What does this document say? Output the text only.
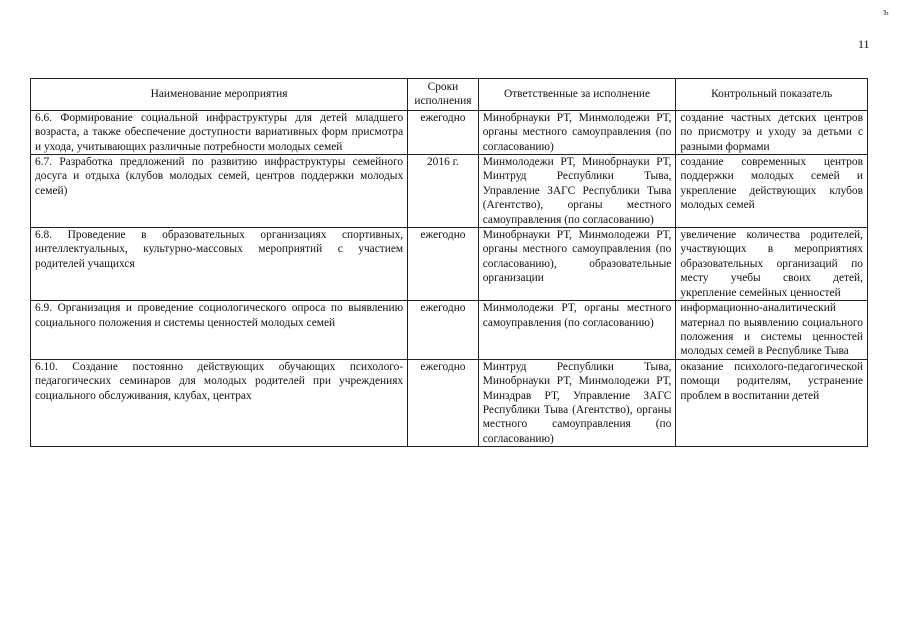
ъ
11
Наименование мероприятия	Сроки исполнения	Ответственные за исполнение	Контрольный показатель
6.6. Формирование социальной инфраструктуры для детей младшего возраста, а также обеспечение доступности вариативных форм присмотра и ухода, учитывающих различные потребности молодых семей	ежегодно	Минобрнауки РТ, Минмолодежи РТ, органы местного самоуправления (по согласованию)	создание частных детских центров по присмотру и уходу за детьми с разными формами
6.7. Разработка предложений по развитию инфраструктуры семейного досуга и отдыха (клубов молодых семей, центров поддержки молодых семей)	2016 г.	Минмолодежи РТ, Минобрнауки РТ, Минтруд Республики Тыва, Управление ЗАГС Республики Тыва (Агентство), органы местного самоуправления (по согласованию)	создание современных центров поддержки молодых семей и укрепление действующих клубов молодых семей
6.8. Проведение в образовательных организациях спортивных, интеллектуальных, культурно-массовых мероприятий с участием родителей учащихся	ежегодно	Минобрнауки РТ, Минмолодежи РТ, органы местного самоуправления (по согласованию), образовательные организации	увеличение количества родителей, участвующих в мероприятиях образовательных организаций по месту учебы своих детей, укрепление семейных ценностей
6.9. Организация и проведение социологического опроса по выявлению социального положения и системы ценностей молодых семей	ежегодно	Минмолодежи РТ, органы местного самоуправления (по согласованию)	информационно-аналитический материал по выявлению социального положения и системы ценностей молодых семей в Республике Тыва
6.10. Создание постоянно действующих обучающих психолого-педагогических семинаров для молодых родителей при учреждениях социального обслуживания, клубах, центрах	ежегодно	Минтруд Республики Тыва, Минобрнауки РТ, Минмолодежи РТ, Минздрав РТ, Управление ЗАГС Республики Тыва (Агентство), органы местного самоуправления (по согласованию)	оказание психолого-педагогической помощи родителям, устранение проблем в воспитании детей
